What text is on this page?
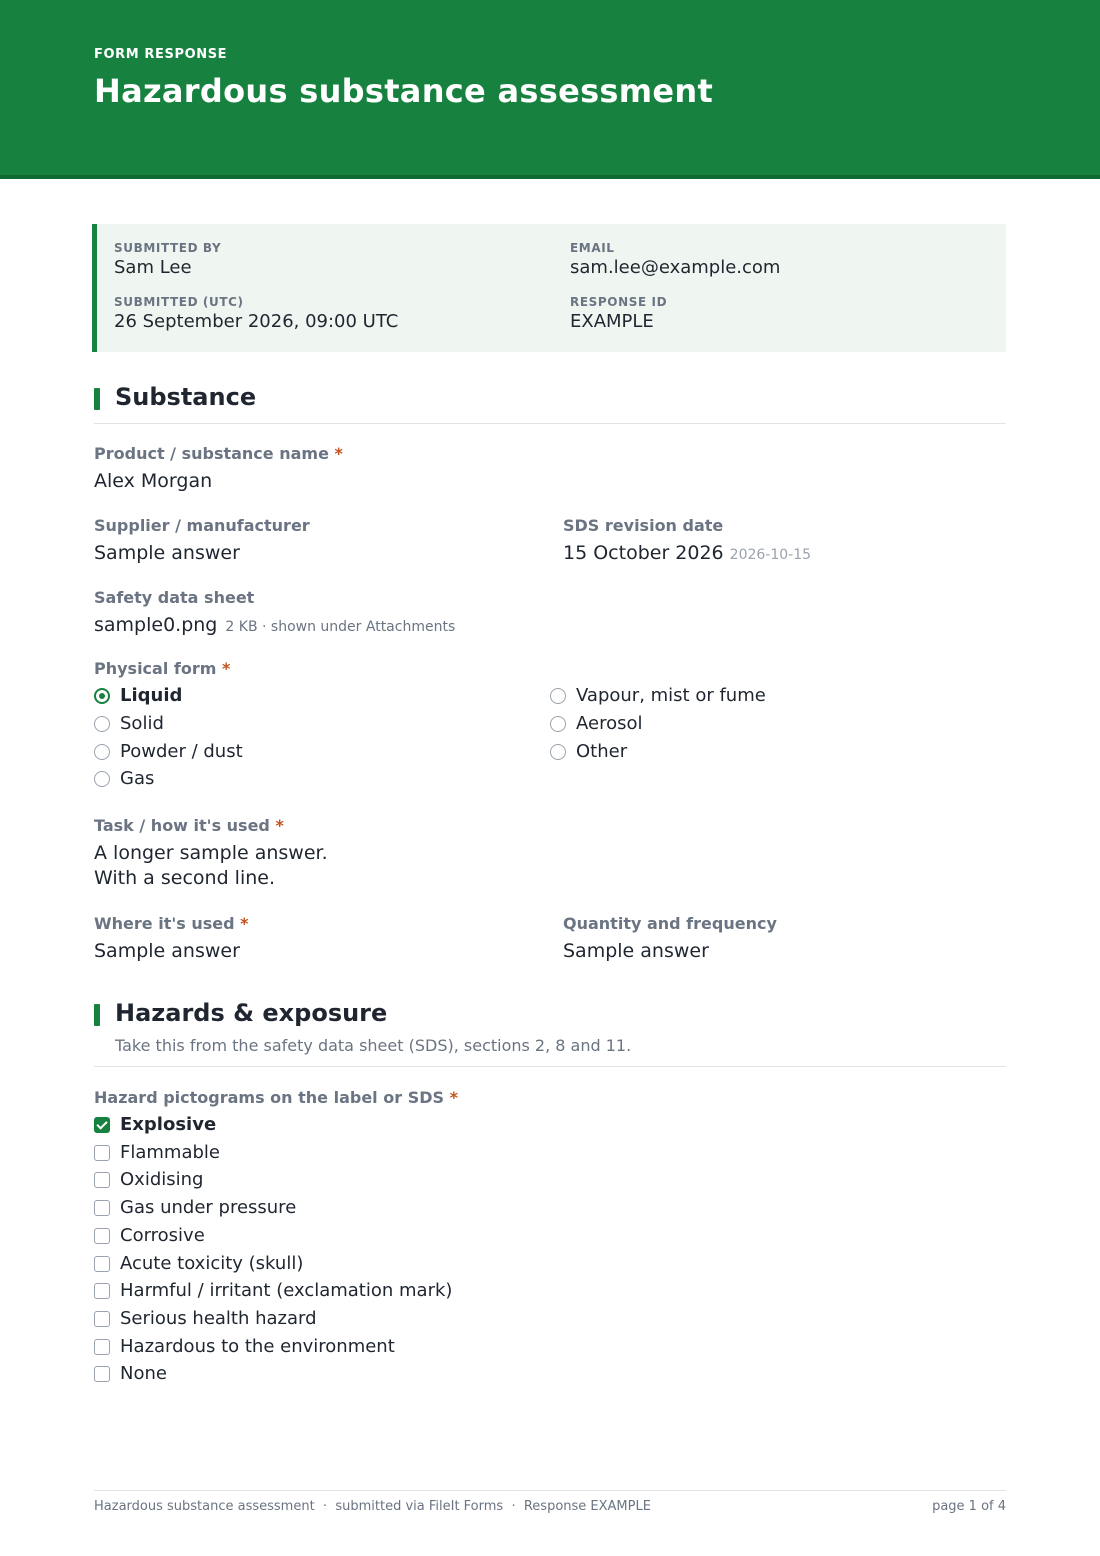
FORM RESPONSE
Hazardous substance assessment
SUBMITTED BY
Sam Lee
EMAIL
sam.lee@example.com
SUBMITTED (UTC)
26 September 2026, 09:00 UTC
RESPONSE ID
EXAMPLE
Substance
Product / substance name *
Alex Morgan
Supplier / manufacturer
Sample answer
SDS revision date
15 October 2026 2026-10-15
Safety data sheet
sample0.png 2 KB · shown under Attachments
Physical form *
Liquid
Solid
Powder / dust
Gas
Vapour, mist or fume
Aerosol
Other
Task / how it's used *
A longer sample answer.
With a second line.
Where it's used *
Sample answer
Quantity and frequency
Sample answer
Hazards & exposure
Take this from the safety data sheet (SDS), sections 2, 8 and 11.
Hazard pictograms on the label or SDS *
Explosive
Flammable
Oxidising
Gas under pressure
Corrosive
Acute toxicity (skull)
Harmful / irritant (exclamation mark)
Serious health hazard
Hazardous to the environment
None
Hazardous substance assessment  ·  submitted via FileIt Forms  ·  Response EXAMPLE	page 1 of 4
